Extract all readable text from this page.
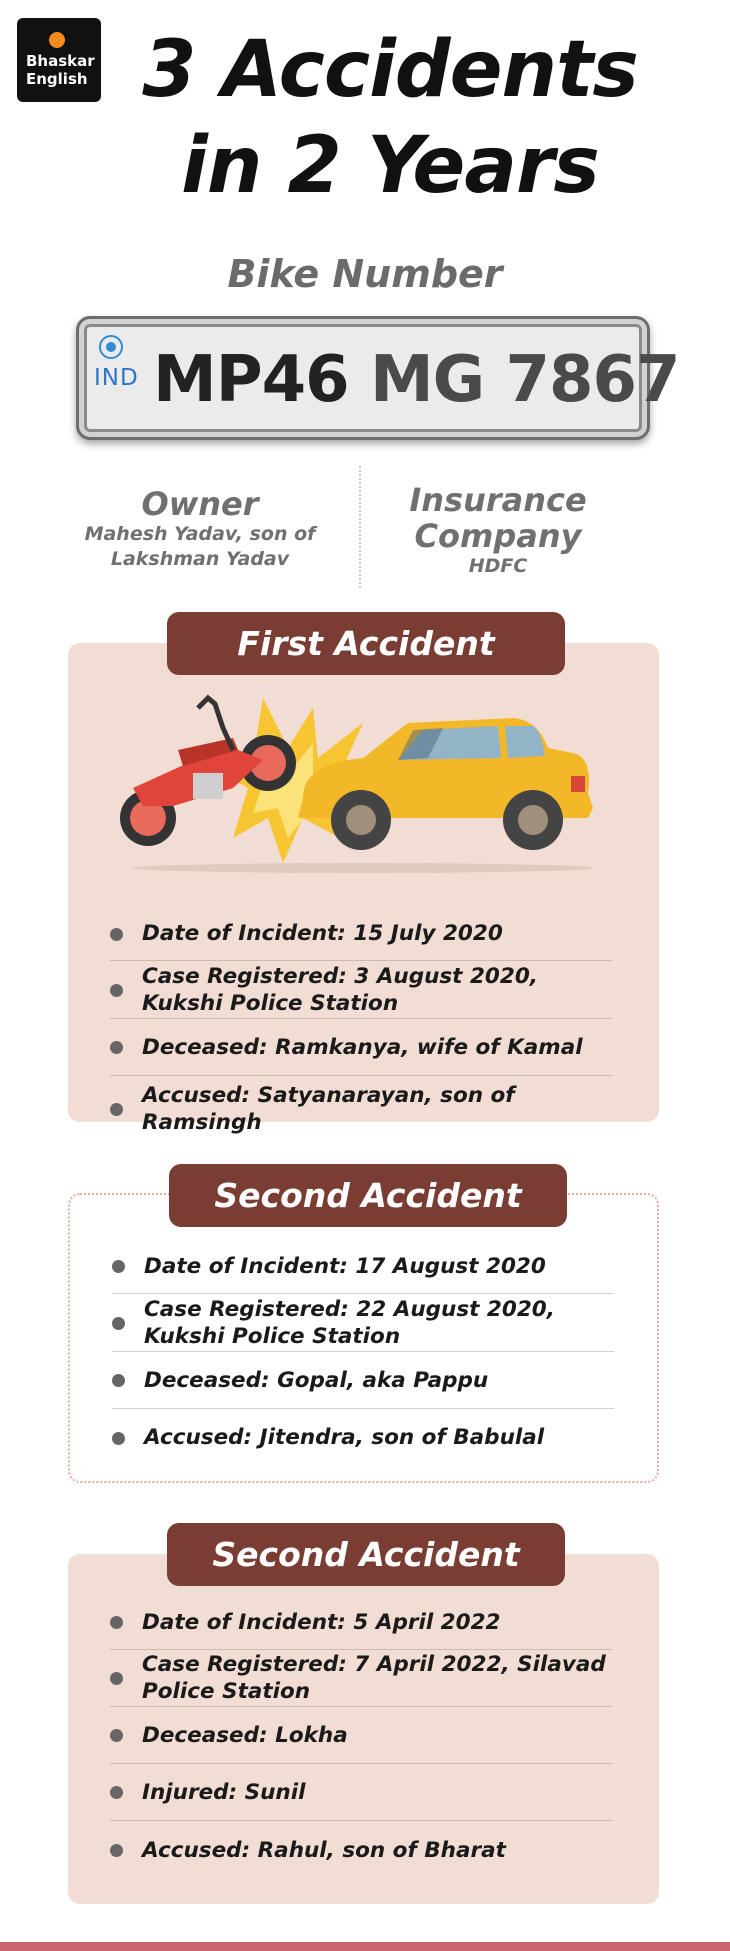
Bhaskar
English 3 Accidents
in 2 Years
Bike Number
IND MP46 MG 7867
Owner
Mahesh Yadav, son of
Lakshman Yadav
Insurance
Company
HDFC
First Accident
Date of Incident: 15 July 2020
Case Registered: 3 August 2020, Kukshi Police Station
Deceased: Ramkanya, wife of Kamal
Accused: Satyanarayan, son of Ramsingh
Second Accident
Date of Incident: 17 August 2020
Case Registered: 22 August 2020, Kukshi Police Station
Deceased: Gopal, aka Pappu
Accused: Jitendra, son of Babulal
Second Accident
Date of Incident: 5 April 2022
Case Registered: 7 April 2022, Silavad Police Station
Deceased: Lokha
Injured: Sunil
Accused: Rahul, son of Bharat
